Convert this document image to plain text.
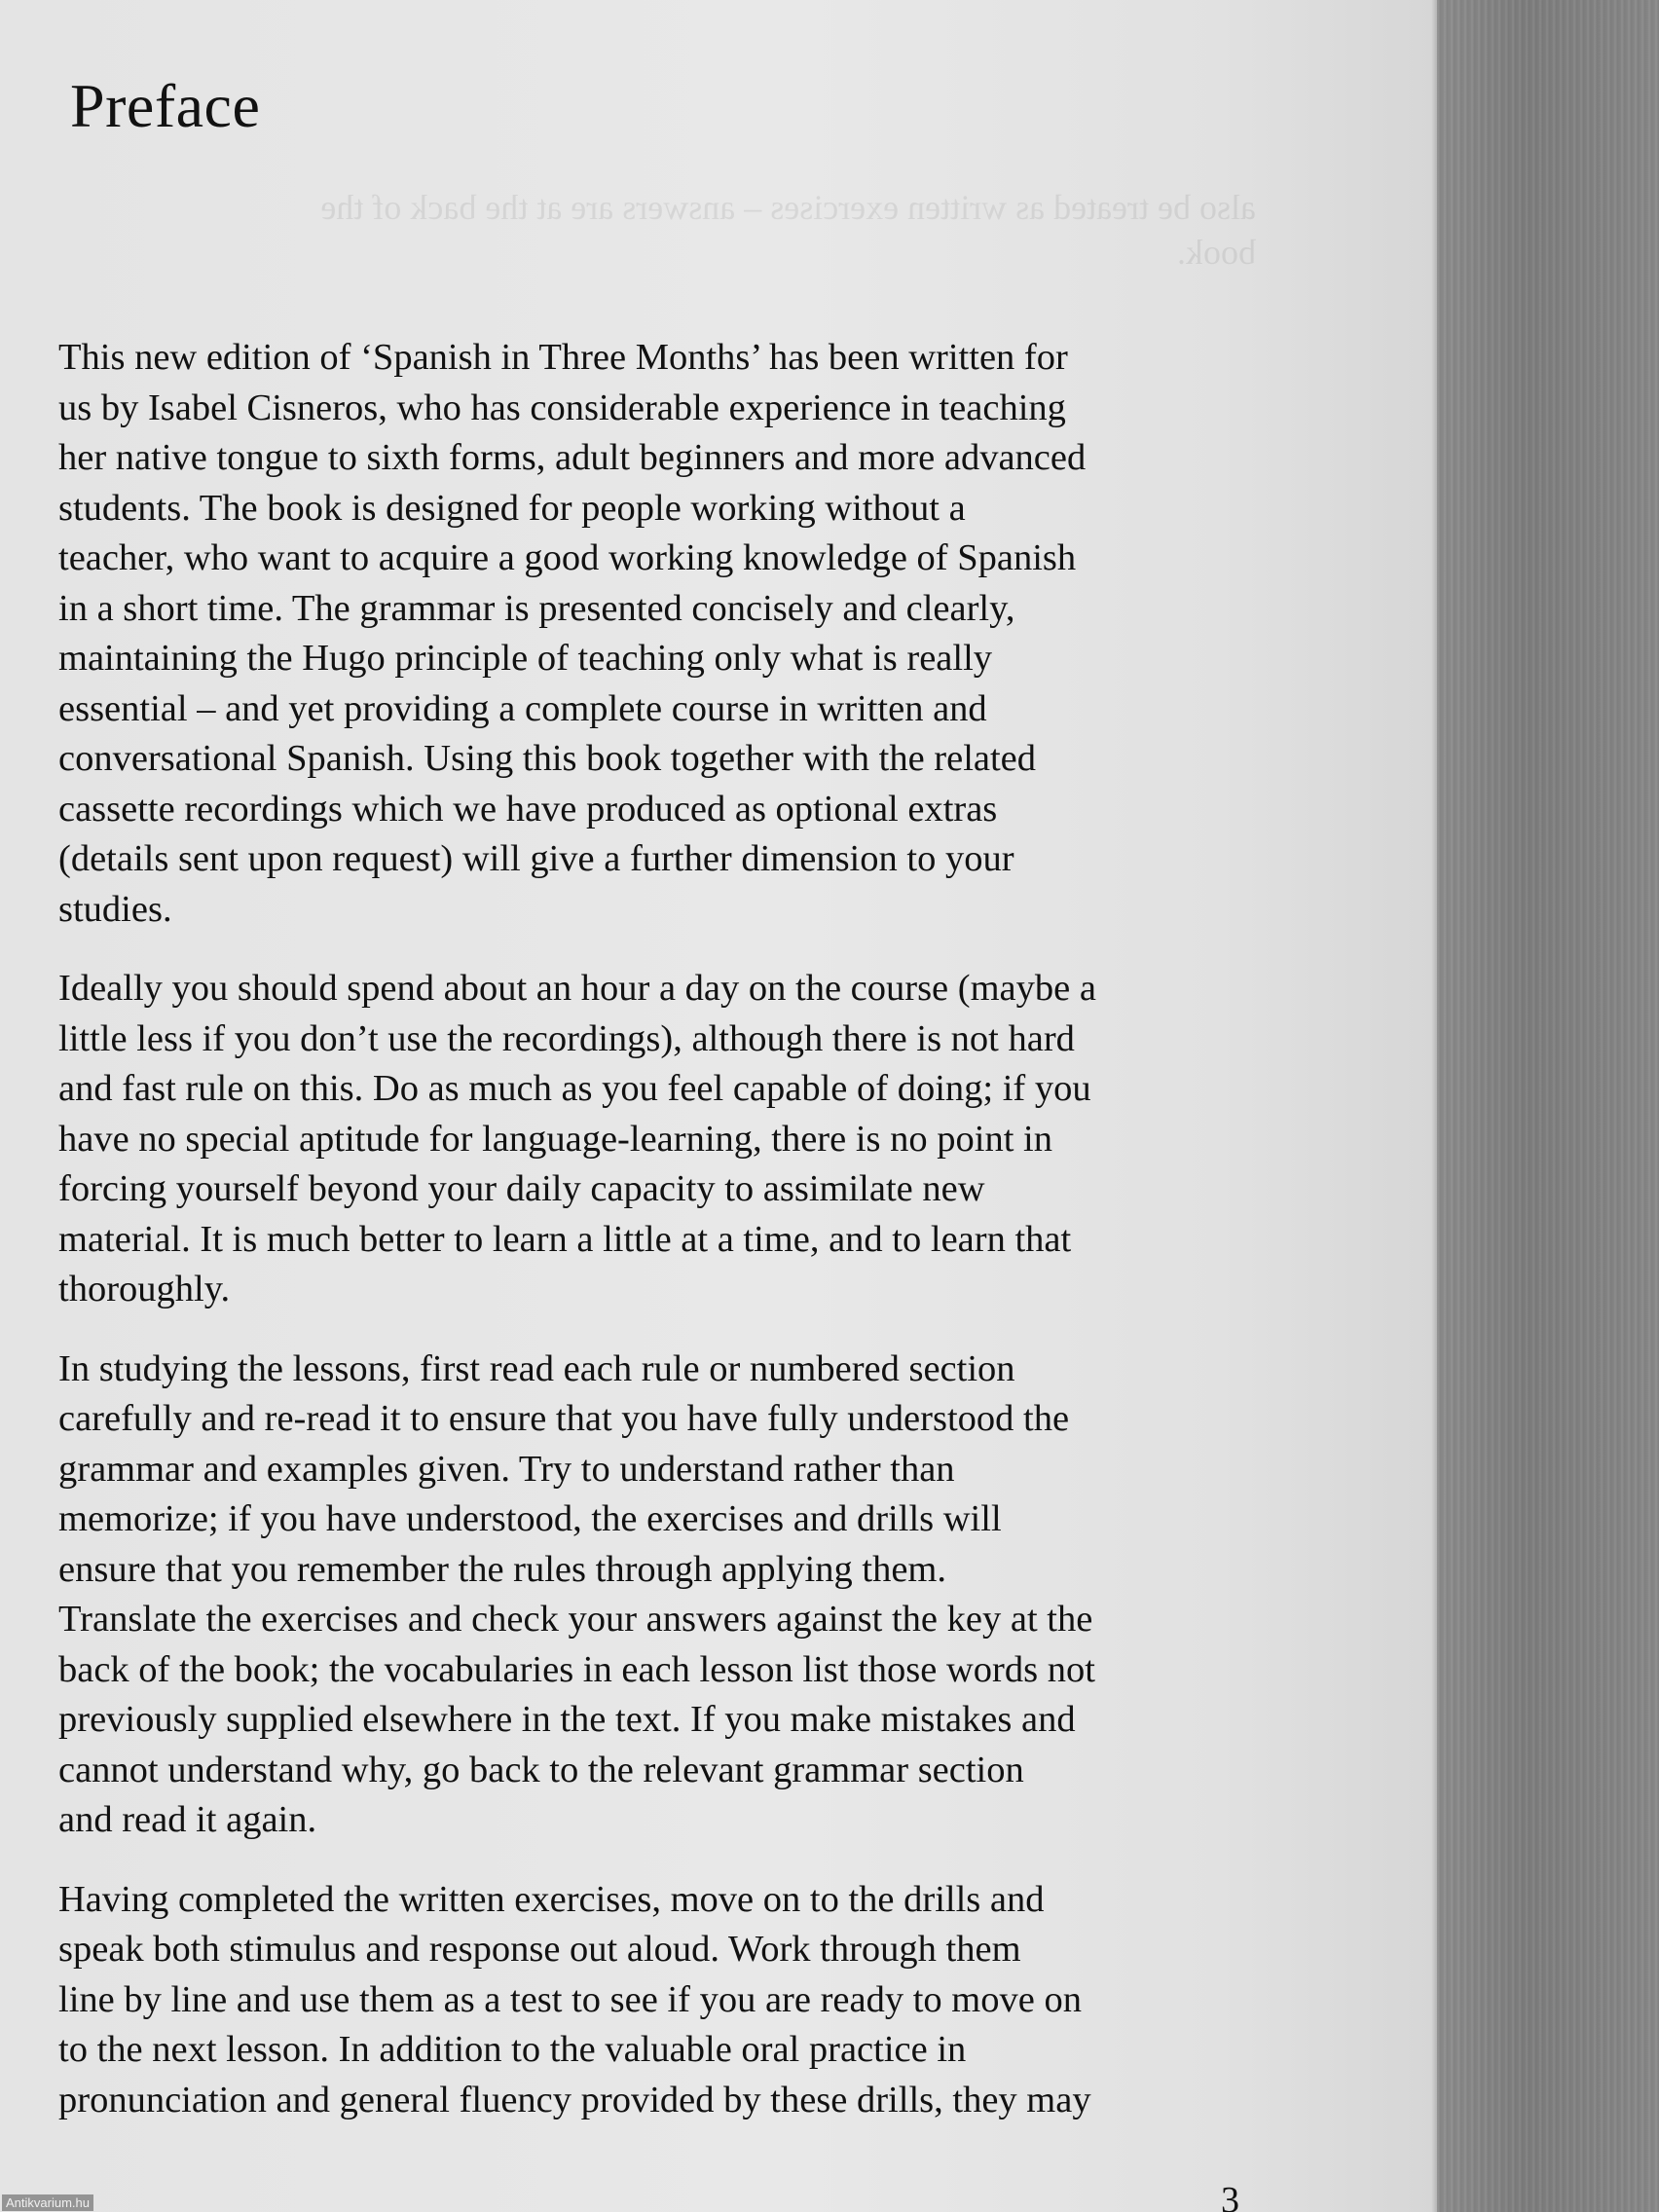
also be treated as written exercises – answers are at the back of the
book.
Preface

This new edition of ‘Spanish in Three Months’ has been written for
us by Isabel Cisneros, who has considerable experience in teaching
her native tongue to sixth forms, adult beginners and more advanced
students. The book is designed for people working without a
teacher, who want to acquire a good working knowledge of Spanish
in a short time. The grammar is presented concisely and clearly,
maintaining the Hugo principle of teaching only what is really
essential – and yet providing a complete course in written and
conversational Spanish. Using this book together with the related
cassette recordings which we have produced as optional extras
(details sent upon request) will give a further dimension to your
studies.

Ideally you should spend about an hour a day on the course (maybe a
little less if you don’t use the recordings), although there is not hard
and fast rule on this. Do as much as you feel capable of doing; if you
have no special aptitude for language-learning, there is no point in
forcing yourself beyond your daily capacity to assimilate new
material. It is much better to learn a little at a time, and to learn that
thoroughly.

In studying the lessons, first read each rule or numbered section
carefully and re-read it to ensure that you have fully understood the
grammar and examples given. Try to understand rather than
memorize; if you have understood, the exercises and drills will
ensure that you remember the rules through applying them.
Translate the exercises and check your answers against the key at the
back of the book; the vocabularies in each lesson list those words not
previously supplied elsewhere in the text. If you make mistakes and
cannot understand why, go back to the relevant grammar section
and read it again.

Having completed the written exercises, move on to the drills and
speak both stimulus and response out aloud. Work through them
line by line and use them as a test to see if you are ready to move on
to the next lesson. In addition to the valuable oral practice in
pronunciation and general fluency provided by these drills, they may

3
Antikvarium.hu
